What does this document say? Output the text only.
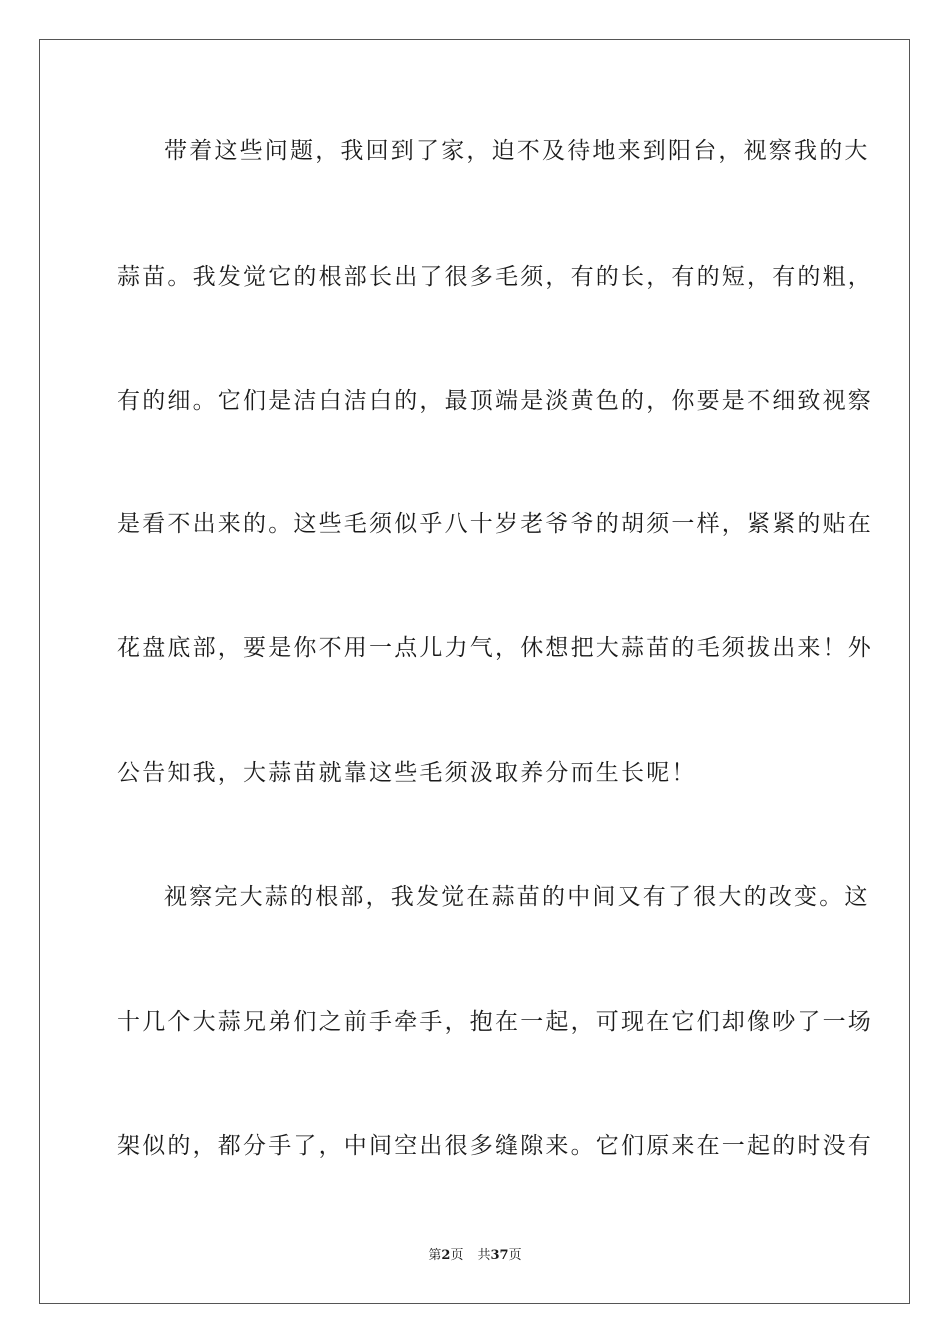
带着这些问题，我回到了家，迫不及待地来到阳台，视察我的大
蒜苗。我发觉它的根部长出了很多毛须，有的长，有的短，有的粗，
有的细。它们是洁白洁白的，最顶端是淡黄色的，你要是不细致视察
是看不出来的。这些毛须似乎八十岁老爷爷的胡须一样，紧紧的贴在
花盘底部，要是你不用一点儿力气，休想把大蒜苗的毛须拔出来！外
公告知我，大蒜苗就靠这些毛须汲取养分而生长呢！
视察完大蒜的根部，我发觉在蒜苗的中间又有了很大的改变。这
十几个大蒜兄弟们之前手牵手，抱在一起，可现在它们却像吵了一场
架似的，都分手了，中间空出很多缝隙来。它们原来在一起的时没有
第2页 共37页
